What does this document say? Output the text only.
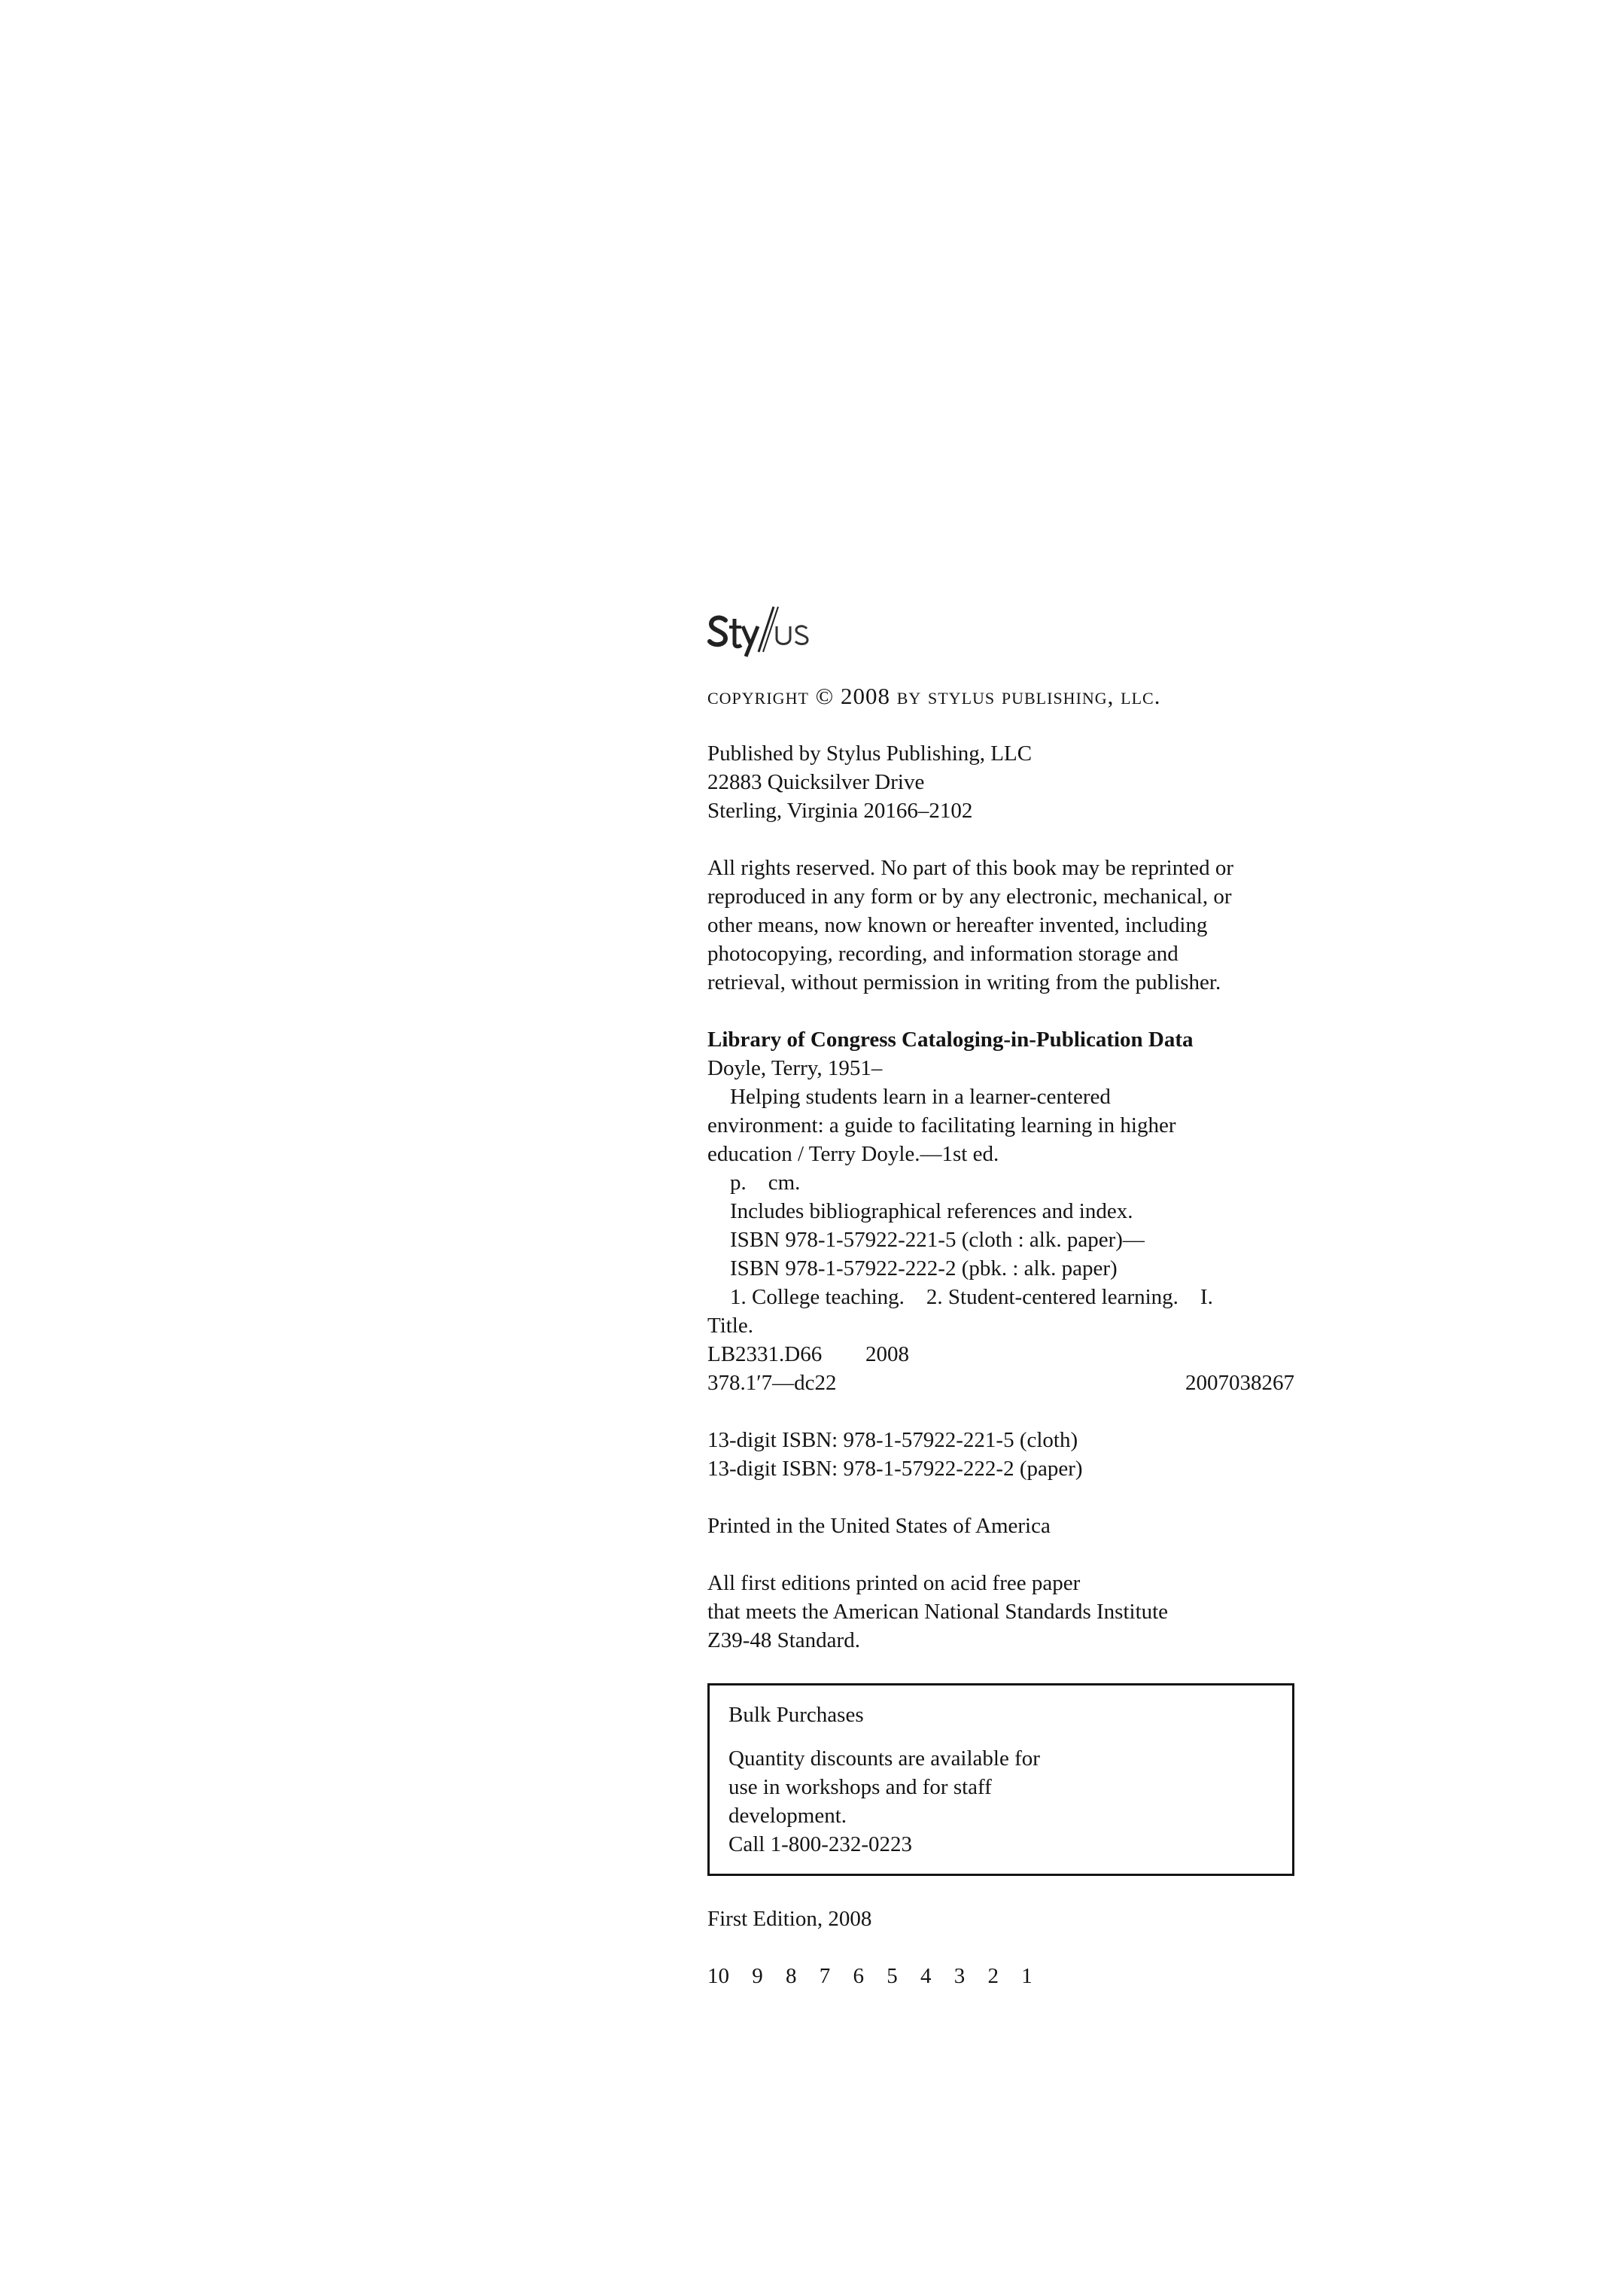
copyright © 2008 by stylus publishing, llc.
Published by Stylus Publishing, LLC
22883 Quicksilver Drive
Sterling, Virginia 20166–2102
All rights reserved. No part of this book may be reprinted or
reproduced in any form or by any electronic, mechanical, or
other means, now known or hereafter invented, including
photocopying, recording, and information storage and
retrieval, without permission in writing from the publisher.
Library of Congress Cataloging-in-Publication Data
Doyle, Terry, 1951–
Helping students learn in a learner-centered
environment: a guide to facilitating learning in higher
education / Terry Doyle.—1st ed.
p.    cm.
Includes bibliographical references and index.
ISBN 978-1-57922-221-5 (cloth : alk. paper)—
ISBN 978-1-57922-222-2 (pbk. : alk. paper)
1. College teaching.    2. Student-centered learning.    I.
Title.
LB2331.D66 2008
378.1′7—dc22	2007038267
13-digit ISBN: 978-1-57922-221-5 (cloth)
13-digit ISBN: 978-1-57922-222-2 (paper)
Printed in the United States of America
All first editions printed on acid free paper
that meets the American National Standards Institute
Z39-48 Standard.
Bulk Purchases
Quantity discounts are available for
use in workshops and for staff
development.
Call 1-800-232-0223
First Edition, 2008
10 9 8 7 6 5 4 3 2 1
